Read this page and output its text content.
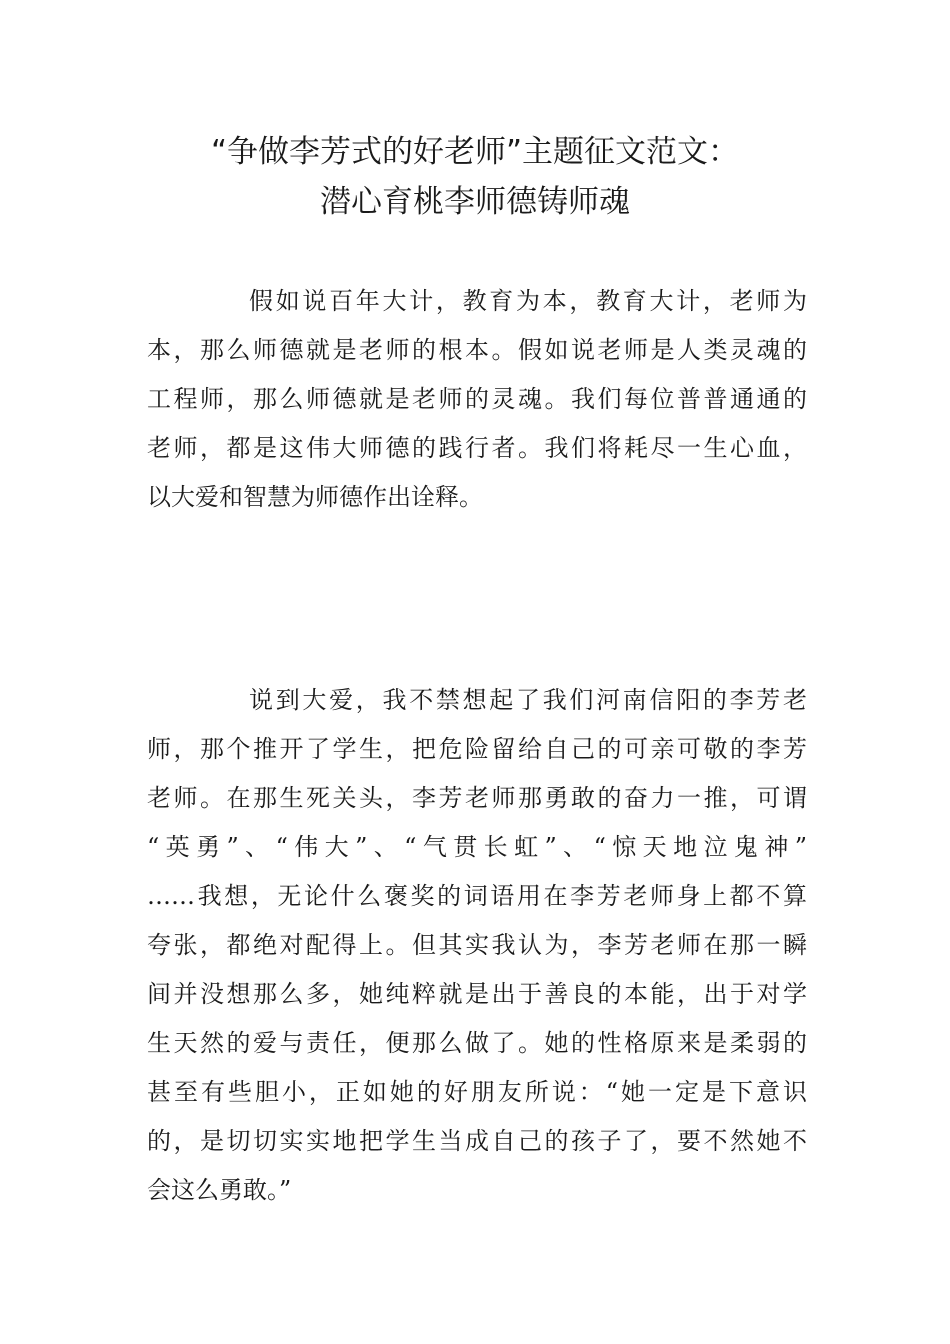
“争做李芳式的好老师”主题征文范文：
潜心育桃李师德铸师魂
假如说百年大计，教育为本，教育大计，老师为
本，那么师德就是老师的根本。假如说老师是人类灵魂的
工程师，那么师德就是老师的灵魂。我们每位普普通通的
老师，都是这伟大师德的践行者。我们将耗尽一生心血，
以大爱和智慧为师德作出诠释。
说到大爱，我不禁想起了我们河南信阳的李芳老
师，那个推开了学生，把危险留给自己的可亲可敬的李芳
老师。在那生死关头，李芳老师那勇敢的奋力一推，可谓
“英勇”、“伟大”、“气贯长虹”、“惊天地泣鬼神”
……我想，无论什么褒奖的词语用在李芳老师身上都不算
夸张，都绝对配得上。但其实我认为，李芳老师在那一瞬
间并没想那么多，她纯粹就是出于善良的本能，出于对学
生天然的爱与责任，便那么做了。她的性格原来是柔弱的
甚至有些胆小，正如她的好朋友所说：“她一定是下意识
的，是切切实实地把学生当成自己的孩子了，要不然她不
会这么勇敢。”
